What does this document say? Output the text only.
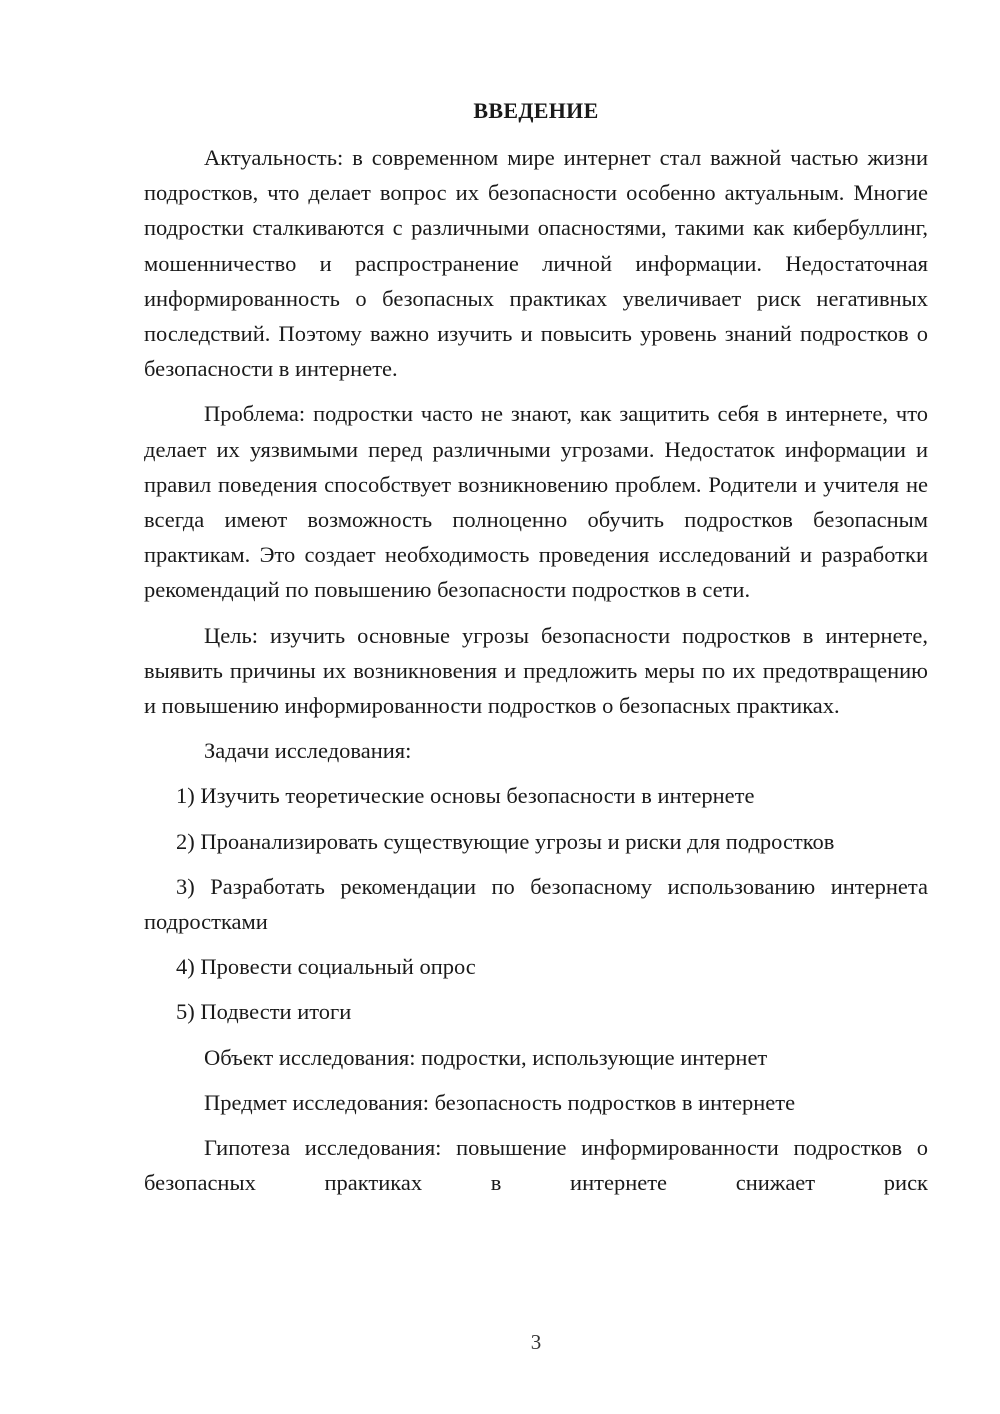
ВВЕДЕНИЕ
Актуальность: в современном мире интернет стал важной частью жизни подростков, что делает вопрос их безопасности особенно актуальным. Многие подростки сталкиваются с различными опасностями, такими как кибербуллинг, мошенничество и распространение личной информации. Недостаточная информированность о безопасных практиках увеличивает риск негативных последствий. Поэтому важно изучить и повысить уровень знаний подростков о безопасности в интернете.
Проблема: подростки часто не знают, как защитить себя в интернете, что делает их уязвимыми перед различными угрозами. Недостаток информации и правил поведения способствует возникновению проблем. Родители и учителя не всегда имеют возможность полноценно обучить подростков безопасным практикам. Это создает необходимость проведения исследований и разработки рекомендаций по повышению безопасности подростков в сети.
Цель: изучить основные угрозы безопасности подростков в интернете, выявить причины их возникновения и предложить меры по их предотвращению и повышению информированности подростков о безопасных практиках.
Задачи исследования:
1) Изучить теоретические основы безопасности в интернете
2) Проанализировать существующие угрозы и риски для подростков
3) Разработать рекомендации по безопасному использованию интернета подростками
4) Провести социальный опрос
5) Подвести итоги
Объект исследования: подростки, использующие интернет
Предмет исследования: безопасность подростков в интернете
Гипотеза исследования: повышение информированности подростков о безопасных практиках в интернете снижает риск
3
